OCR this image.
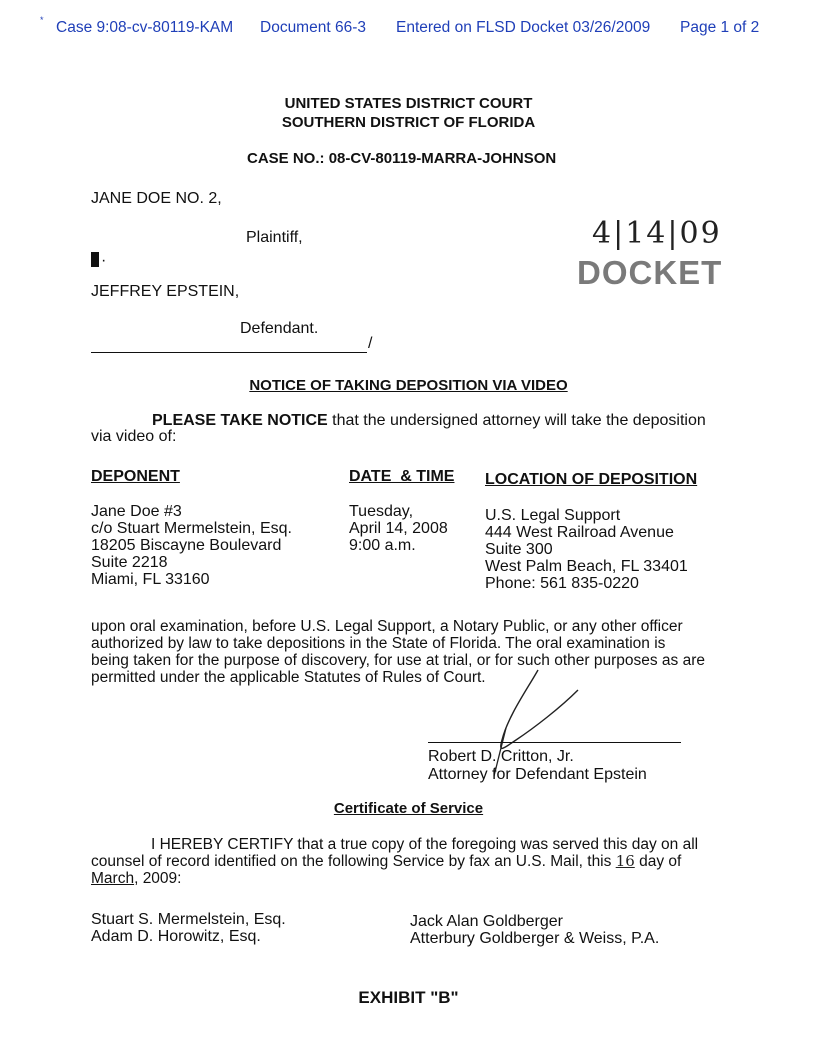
* Case 9:08-cv-80119-KAM Document 66-3 Entered on FLSD Docket 03/26/2009 Page 1 of 2
UNITED STATES DISTRICT COURT
SOUTHERN DISTRICT OF FLORIDA
CASE NO.: 08-CV-80119-MARRA-JOHNSON
JANE DOE NO. 2,
Plaintiff,
·
JEFFREY EPSTEIN,
Defendant.
/
4|14|09
DOCKET
NOTICE OF TAKING DEPOSITION VIA VIDEO
PLEASE TAKE NOTICE that the undersigned attorney will take the deposition
via video of:
DEPONENT	DATE  & TIME LOCATION OF DEPOSITION
Jane Doe #3
c/o Stuart Mermelstein, Esq.
18205 Biscayne Boulevard
Suite 2218
Miami, FL 33160
Tuesday,
April 14, 2008
9:00 a.m.
U.S. Legal Support
444 West Railroad Avenue
Suite 300
West Palm Beach, FL 33401
Phone: 561 835-0220
upon oral examination, before U.S. Legal Support, a Notary Public, or any other officer
authorized by law to take depositions in the State of Florida. The oral examination is
being taken for the purpose of discovery, for use at trial, or for such other purposes as are
permitted under the applicable Statutes of Rules of Court.
Robert D. Critton, Jr.
Attorney for Defendant Epstein
Certificate of Service
I HEREBY CERTIFY that a true copy of the foregoing was served this day on all
counsel of record identified on the following Service by fax an U.S. Mail, this 16 day of
March, 2009:
Stuart S. Mermelstein, Esq.
Adam D. Horowitz, Esq.
Jack Alan Goldberger
Atterbury Goldberger & Weiss, P.A.
EXHIBIT "B"
